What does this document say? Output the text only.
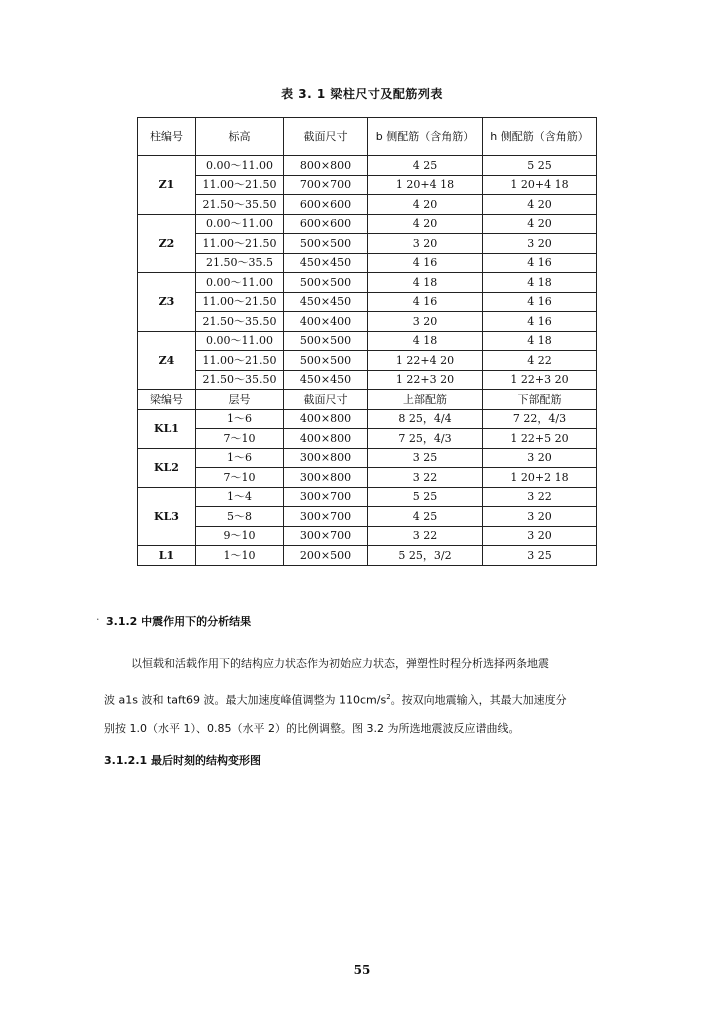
表 3. 1 梁柱尺寸及配筋列表
柱编号	标高	截面尺寸	b 侧配筋（含角筋）	h 侧配筋（含角筋）
Z1	0.00～11.00	800×800	4 25	5 25
	11.00～21.50	700×700	1 20+4 18	1 20+4 18
	21.50～35.50	600×600	4 20	4 20
Z2	0.00～11.00	600×600	4 20	4 20
	11.00～21.50	500×500	3 20	3 20
	21.50～35.5	450×450	4 16	4 16
Z3	0.00～11.00	500×500	4 18	4 18
	11.00～21.50	450×450	4 16	4 16
	21.50～35.50	400×400	3 20	4 16
Z4	0.00～11.00	500×500	4 18	4 18
	11.00～21.50	500×500	1 22+4 20	4 22
	21.50～35.50	450×450	1 22+3 20	1 22+3 20
梁编号	层号	截面尺寸	上部配筋	下部配筋
KL1	1～6	400×800	8 25，4/4	7 22，4/3
	7～10	400×800	7 25，4/3	1 22+5 20
KL2	1～6	300×800	3 25	3 20
	7～10	300×800	3 22	1 20+2 18
KL3	1～4	300×700	5 25	3 22
	5～8	300×700	4 25	3 20
	9～10	300×700	3 22	3 20
L1	1～10	200×500	5 25，3/2	3 25
· 3.1.2 中震作用下的分析结果
以恒载和活载作用下的结构应力状态作为初始应力状态，弹塑性时程分析选择两条地震
波 a1s 波和 taft69 波。最大加速度峰值调整为 $110cm/s^2$。按双向地震输入，其最大加速度分
别按 1.0（水平 1）、0.85（水平 2）的比例调整。图 3.2 为所选地震波反应谱曲线。
3.1.2.1 最后时刻的结构变形图
55
